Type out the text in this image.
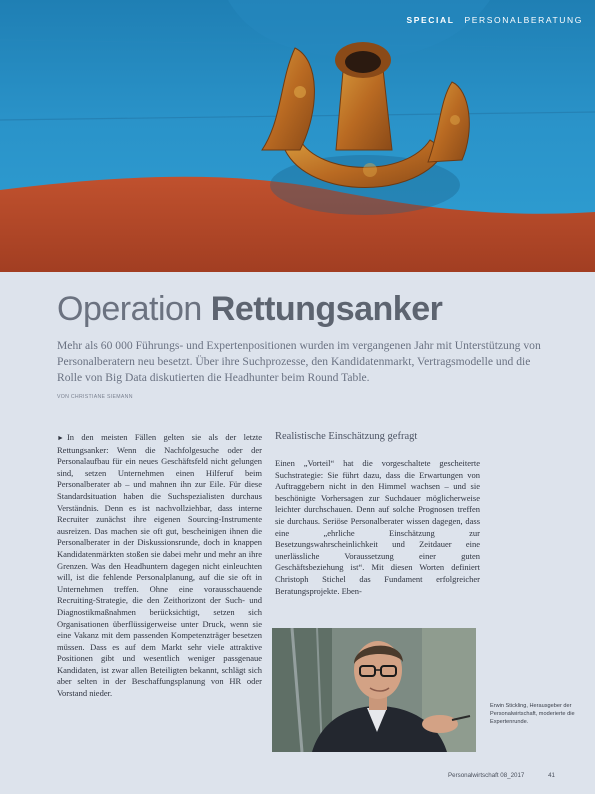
SPECIAL PERSONALBERATUNG
Operation Rettungsanker
Mehr als 60 000 Führungs- und Expertenpositionen wurden im vergangenen Jahr mit Unterstützung von Personalberatern neu besetzt. Über ihre Suchprozesse, den Kandidatenmarkt, Vertragsmodelle und die Rolle von Big Data diskutierten die Headhunter beim Round Table.
VON CHRISTIANE SIEMANN
► In den meisten Fällen gelten sie als der letzte Rettungsanker: Wenn die Nachfolgesuche oder der Personalaufbau für ein neues Geschäftsfeld nicht gelungen sind, setzen Unternehmen einen Hilferuf beim Personalberater ab – und mahnen ihn zur Eile. Für diese Standardsituation haben die Suchspezialisten durchaus Verständnis. Denn es ist nachvollziehbar, dass interne Recruiter zunächst ihre eigenen Sourcing-Instrumente ausreizen. Das machen sie oft gut, bescheinigen ihnen die Personalberater in der Diskussionsrunde, doch in knappen Kandidatenmärkten stoßen sie dabei mehr und mehr an ihre Grenzen. Was den Headhuntern dagegen nicht einleuchten will, ist die fehlende Personalplanung, auf die sie oft in Unternehmen treffen. Ohne eine vorausschauende Recruiting-Strategie, die den Zeithorizont der Such- und Diagnostikmaßnahmen berücksichtigt, setzen sich Organisationen überflüssigerweise unter Druck, wenn sie eine Vakanz mit dem passenden Kompetenzträger besetzen müssen. Dass es auf dem Markt sehr vieIe attraktive Positionen gibt und wesentlich weniger passgenaue Kandidaten, ist zwar allen Beteiligten bekannt, schlägt sich aber selten in der Beschaffungsplanung von HR oder Vorstand nieder.
Realistische Einschätzung gefragt
Einen „Vorteil“ hat die vorgeschaltete gescheiterte Suchstrategie: Sie führt dazu, dass die Erwartungen von Auftraggebern nicht in den Himmel wachsen – und sie beschönigte Vorhersagen zur Suchdauer möglicherweise leichter durchschauen. Denn auf solche Prognosen treffen sie durchaus. Seriöse Personalberater wissen dagegen, dass eine „ehrliche Einschätzung zur Besetzungswahrscheinlichkeit und Zeitdauer eine unerlässliche Voraussetzung einer guten Geschäftsbeziehung ist“. Mit diesen Worten definiert Christoph Stichel das Fundament erfolgreicher Beratungsprojekte. Eben-
Erwin Stickling, Herausgeber der Personalwirtschaft, moderierte die Expertenrunde.
Personalwirtschaft 08_2017	41
